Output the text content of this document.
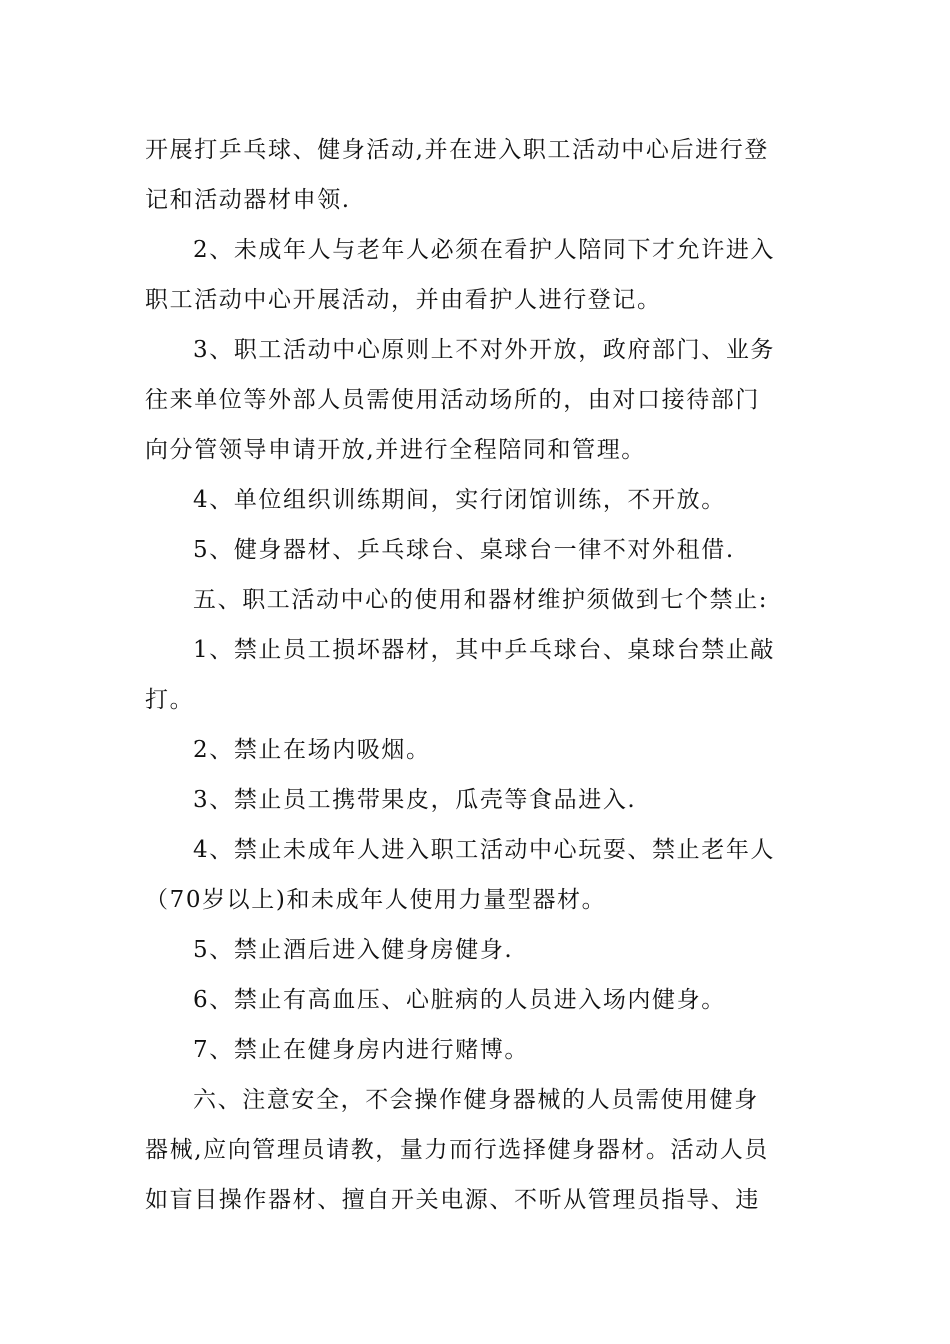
开展打乒乓球、健身活动,并在进入职工活动中心后进行登
记和活动器材申领.
2、未成年人与老年人必须在看护人陪同下才允许进入
职工活动中心开展活动，并由看护人进行登记。
3、职工活动中心原则上不对外开放，政府部门、业务
往来单位等外部人员需使用活动场所的，由对口接待部门
向分管领导申请开放,并进行全程陪同和管理。
4、单位组织训练期间，实行闭馆训练，不开放。
5、健身器材、乒乓球台、桌球台一律不对外租借.
五、职工活动中心的使用和器材维护须做到七个禁止:
1、禁止员工损坏器材，其中乒乓球台、桌球台禁止敲
打。
2、禁止在场内吸烟。
3、禁止员工携带果皮，瓜壳等食品进入.
4、禁止未成年人进入职工活动中心玩耍、禁止老年人
（70岁以上)和未成年人使用力量型器材。
5、禁止酒后进入健身房健身.
6、禁止有高血压、心脏病的人员进入场内健身。
7、禁止在健身房内进行赌博。
六、注意安全，不会操作健身器械的人员需使用健身
器械,应向管理员请教，量力而行选择健身器材。活动人员
如盲目操作器材、擅自开关电源、不听从管理员指导、违
